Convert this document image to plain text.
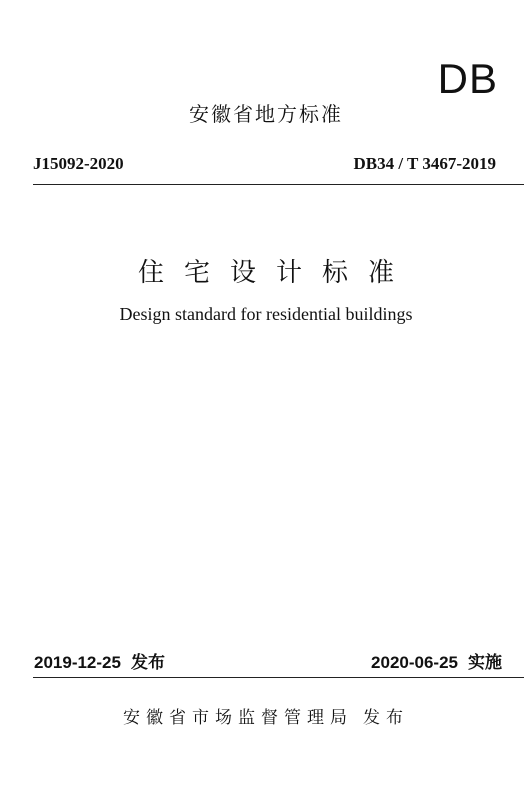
DB
安徽省地方标准
J15092-2020	DB34 / T 3467-2019
住宅设计标准
Design standard for residential buildings
2019-12-25 发布	2020-06-25 实施
安徽省市场监督管理局 发布
